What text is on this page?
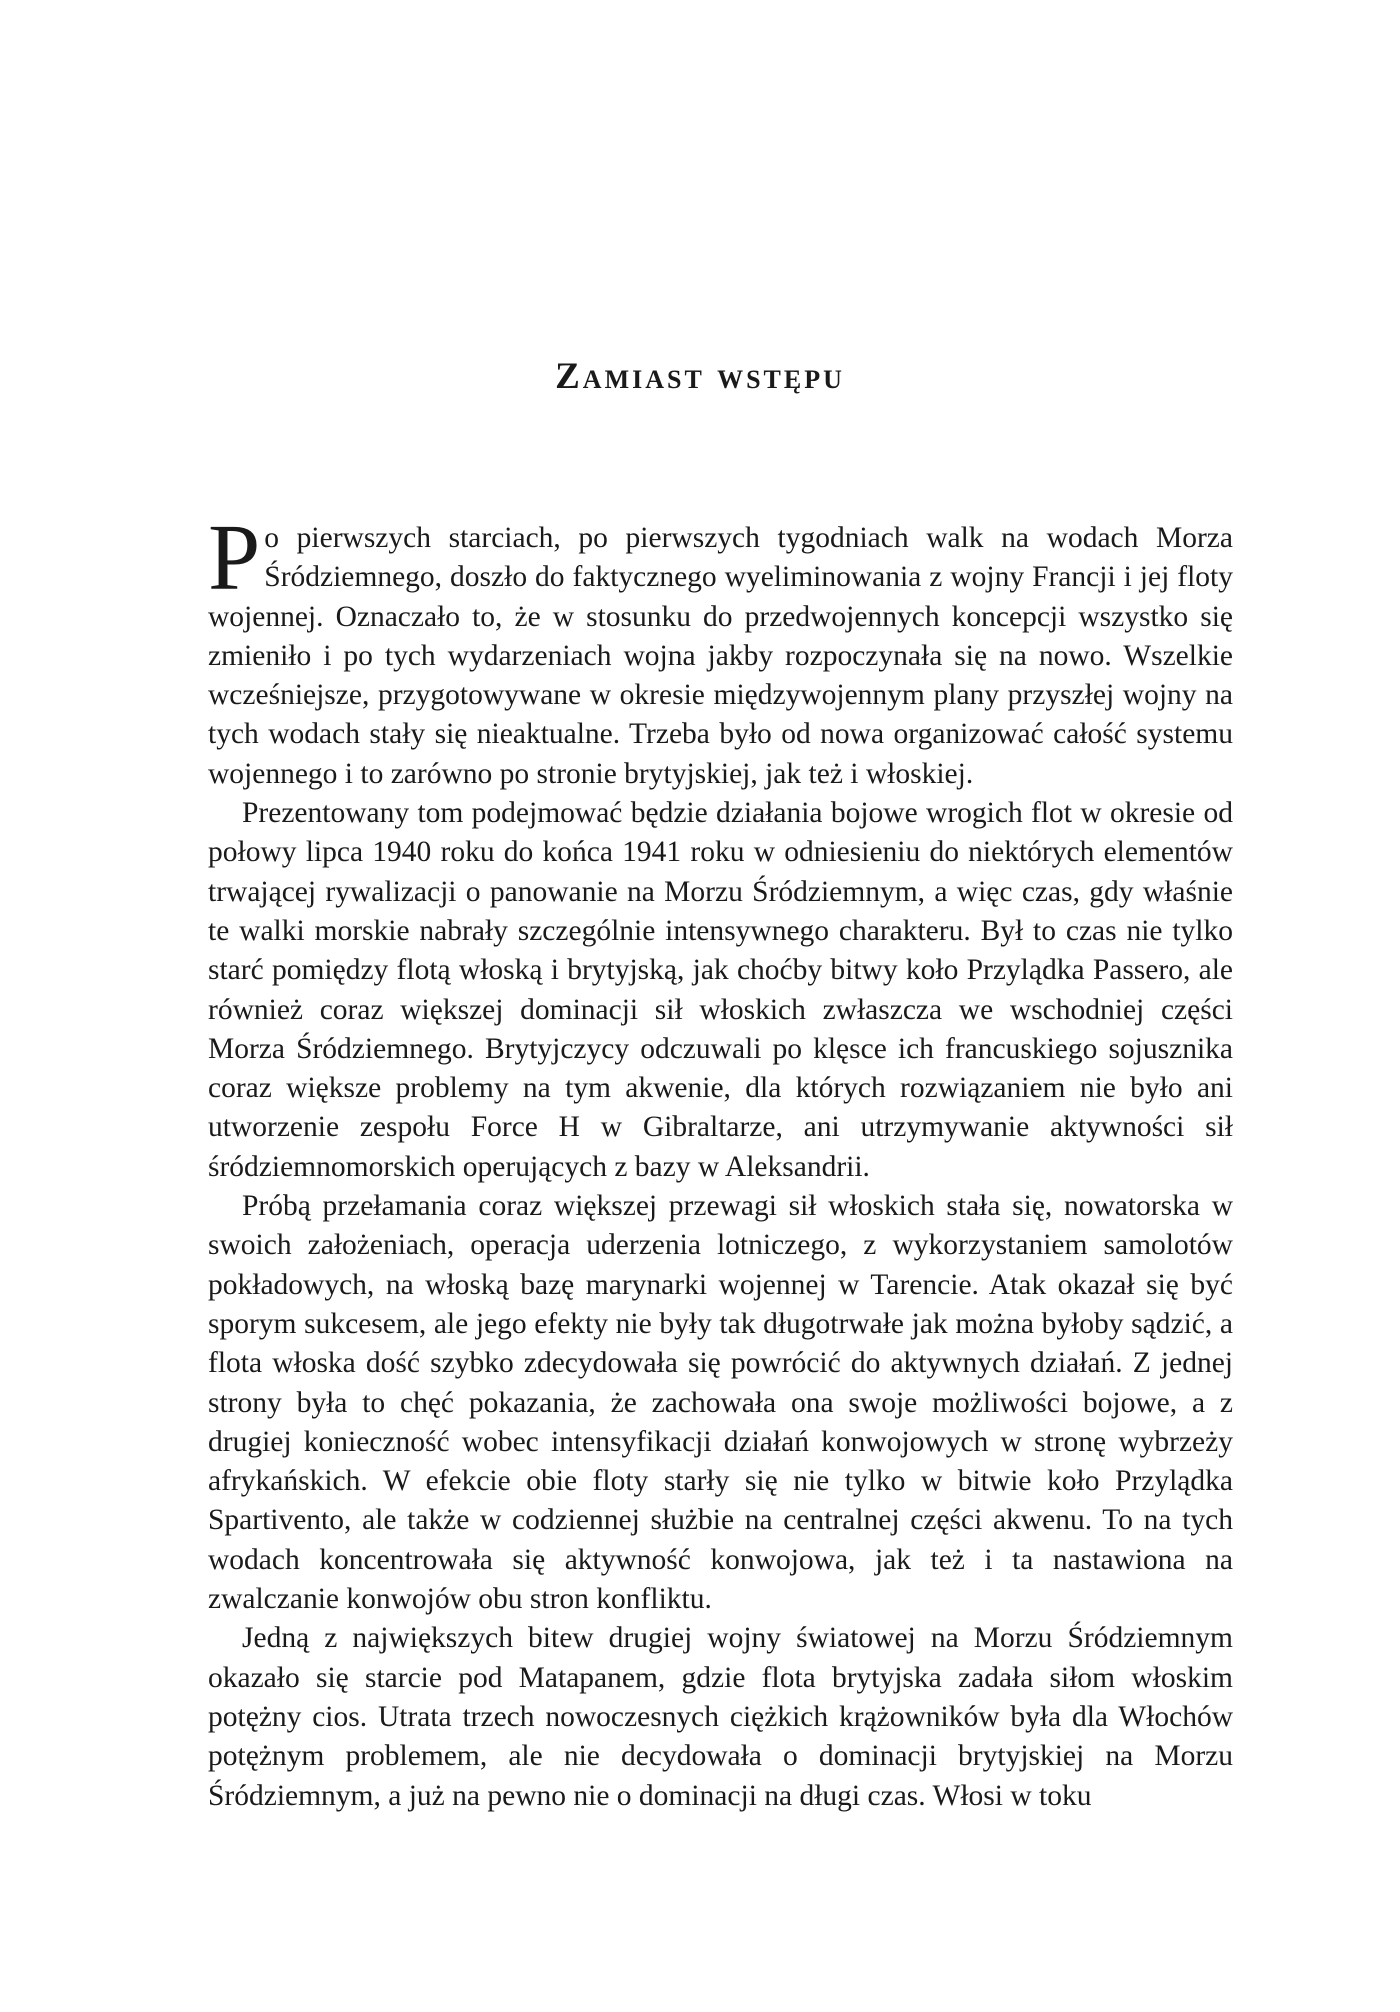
Zamiast wstępu

Po pierwszych starciach, po pierwszych tygodniach walk na wodach Morza Śródziemnego, doszło do faktycznego wyeliminowania z wojny Francji i jej floty wojennej. Oznaczało to, że w stosunku do przedwojennych koncepcji wszystko się zmieniło i po tych wydarzeniach wojna jakby rozpoczynała się na nowo. Wszelkie wcześniejsze, przygotowywane w okresie międzywojennym plany przyszłej wojny na tych wodach stały się nieaktualne. Trzeba było od nowa organizować całość systemu wojennego i to zarówno po stronie brytyjskiej, jak też i włoskiej.

Prezentowany tom podejmować będzie działania bojowe wrogich flot w okresie od połowy lipca 1940 roku do końca 1941 roku w odniesieniu do niektórych elementów trwającej rywalizacji o panowanie na Morzu Śródziemnym, a więc czas, gdy właśnie te walki morskie nabrały szczególnie intensywnego charakteru. Był to czas nie tylko starć pomiędzy flotą włoską i brytyjską, jak choćby bitwy koło Przylądka Passero, ale również coraz większej dominacji sił włoskich zwłaszcza we wschodniej części Morza Śródziemnego. Brytyjczycy odczuwali po klęsce ich francuskiego sojusznika coraz większe problemy na tym akwenie, dla których rozwiązaniem nie było ani utworzenie zespołu Force H w Gibraltarze, ani utrzymywanie aktywności sił śródziemnomorskich operujących z bazy w Aleksandrii.

Próbą przełamania coraz większej przewagi sił włoskich stała się, nowatorska w swoich założeniach, operacja uderzenia lotniczego, z wykorzystaniem samolotów pokładowych, na włoską bazę marynarki wojennej w Tarencie. Atak okazał się być sporym sukcesem, ale jego efekty nie były tak długotrwałe jak można byłoby sądzić, a flota włoska dość szybko zdecydowała się powrócić do aktywnych działań. Z jednej strony była to chęć pokazania, że zachowała ona swoje możliwości bojowe, a z drugiej konieczność wobec intensyfikacji działań konwojowych w stronę wybrzeży afrykańskich. W efekcie obie floty starły się nie tylko w bitwie koło Przylądka Spartivento, ale także w codziennej służbie na centralnej części akwenu. To na tych wodach koncentrowała się aktywność konwojowa, jak też i ta nastawiona na zwalczanie konwojów obu stron konfliktu.

Jedną z największych bitew drugiej wojny światowej na Morzu Śródziemnym okazało się starcie pod Matapanem, gdzie flota brytyjska zadała siłom włoskim potężny cios. Utrata trzech nowoczesnych ciężkich krążowników była dla Włochów potężnym problemem, ale nie decydowała o dominacji brytyjskiej na Morzu Śródziemnym, a już na pewno nie o dominacji na długi czas. Włosi w toku
